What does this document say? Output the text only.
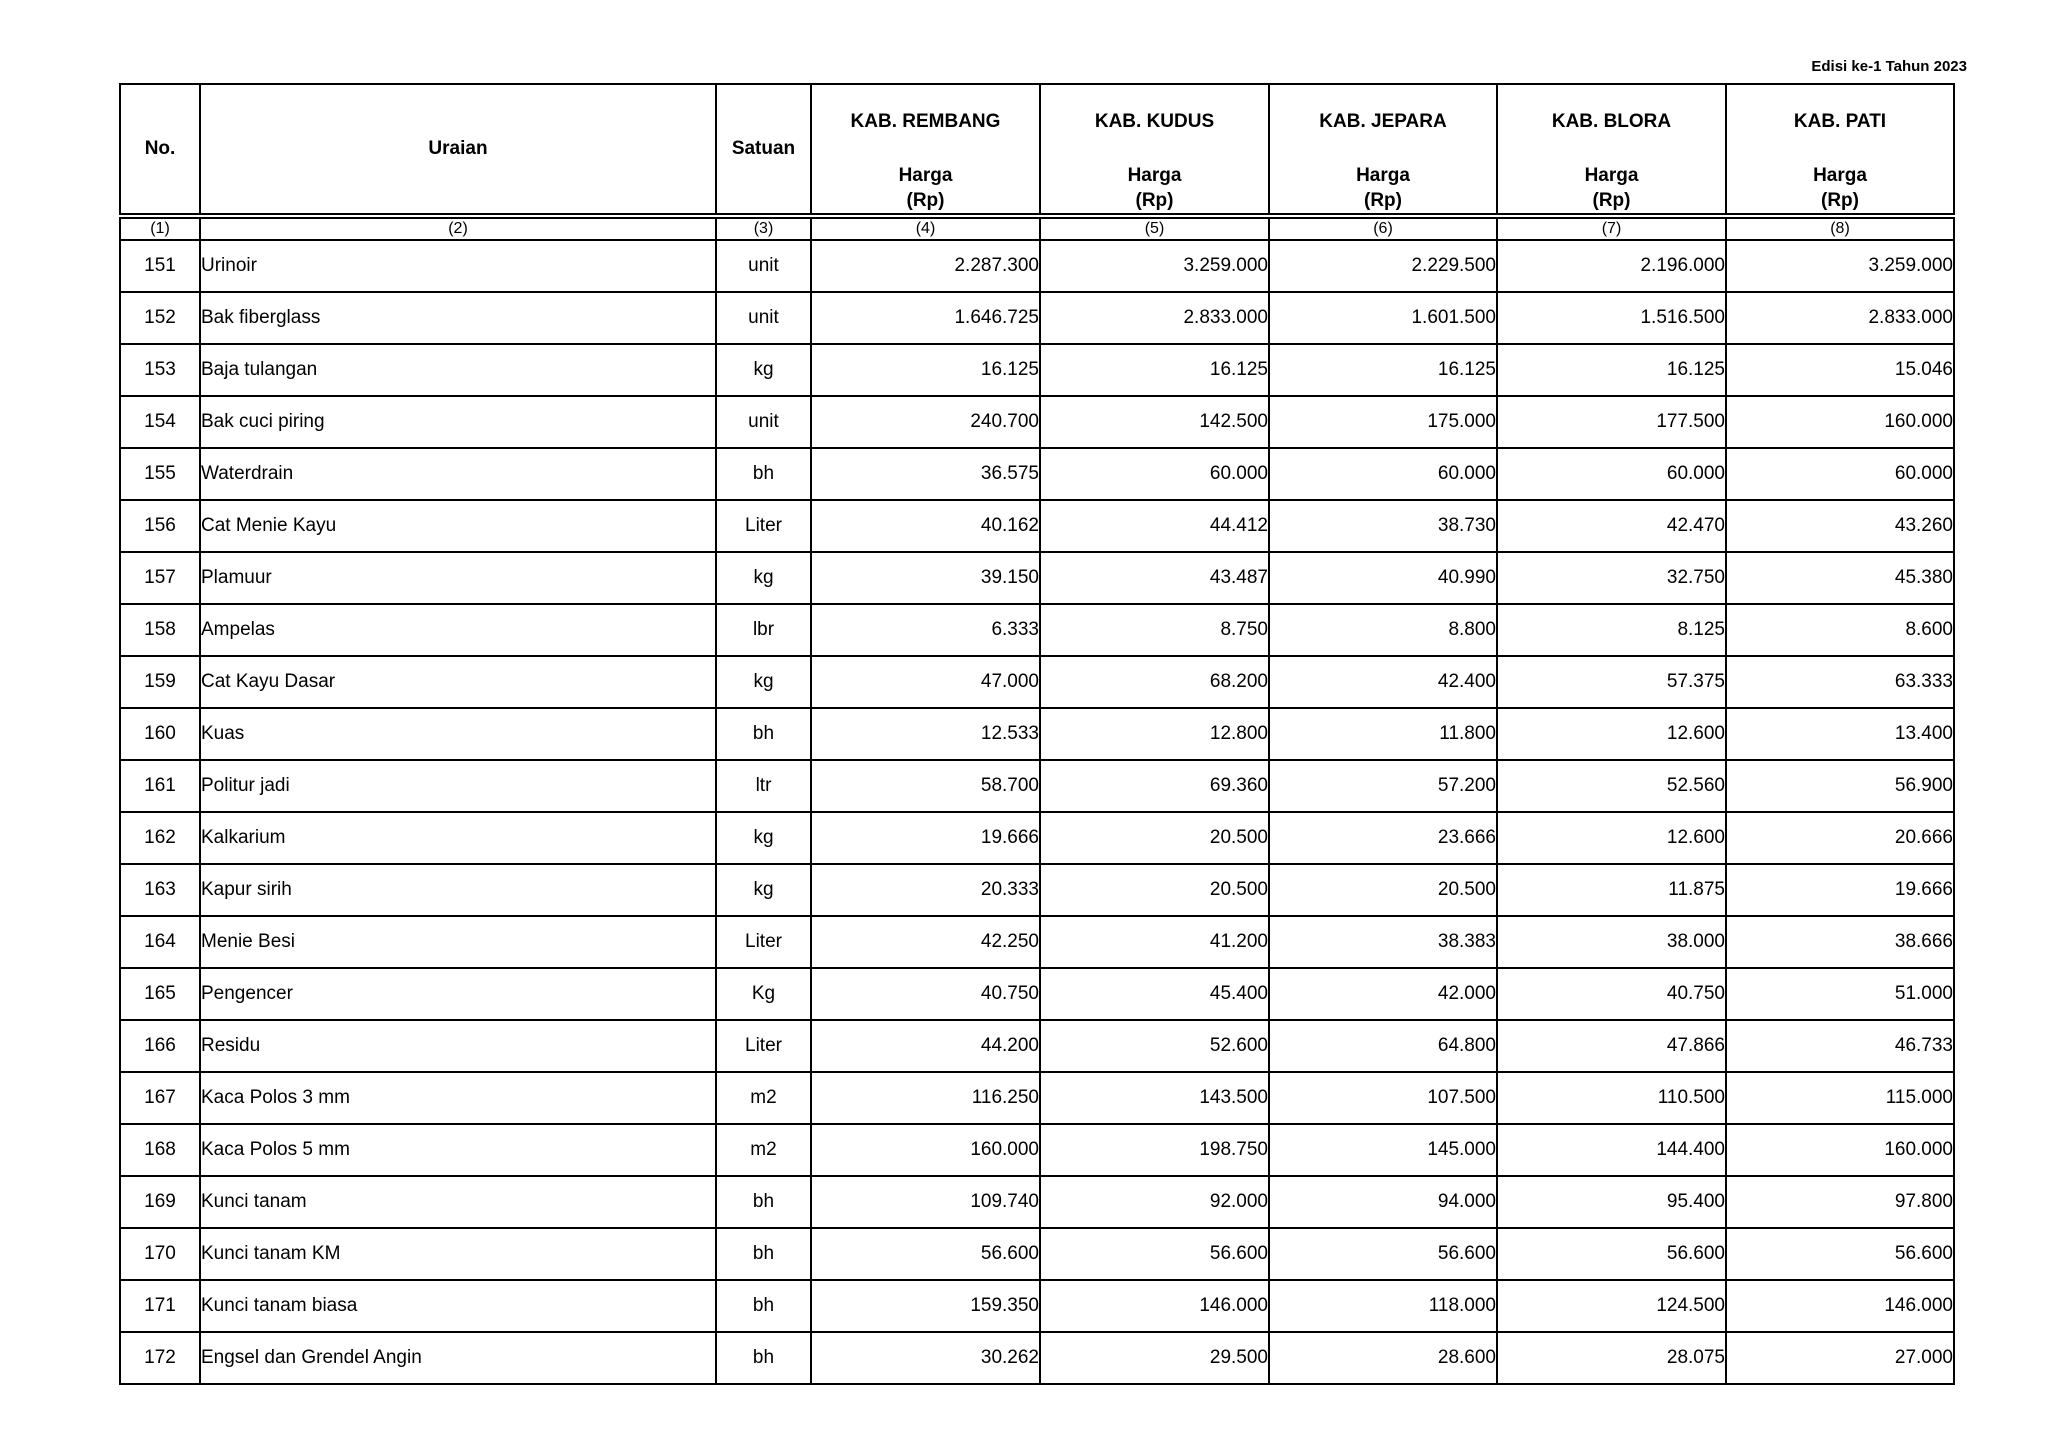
Edisi ke-1 Tahun 2023
No.	Uraian	Satuan	KAB. REMBANG
Harga
(Rp)	KAB. KUDUS
Harga
(Rp)	KAB. JEPARA
Harga
(Rp)	KAB. BLORA
Harga
(Rp)	KAB. PATI
Harga
(Rp)

(1)	(2)	(3)	(4)	(5)	(6)	(7)	(8)
151	Urinoir	unit	2.287.300	3.259.000	2.229.500	2.196.000	3.259.000
152	Bak fiberglass	unit	1.646.725	2.833.000	1.601.500	1.516.500	2.833.000
153	Baja tulangan	kg	16.125	16.125	16.125	16.125	15.046
154	Bak cuci piring	unit	240.700	142.500	175.000	177.500	160.000
155	Waterdrain	bh	36.575	60.000	60.000	60.000	60.000
156	Cat Menie Kayu	Liter	40.162	44.412	38.730	42.470	43.260
157	Plamuur	kg	39.150	43.487	40.990	32.750	45.380
158	Ampelas	lbr	6.333	8.750	8.800	8.125	8.600
159	Cat Kayu Dasar	kg	47.000	68.200	42.400	57.375	63.333
160	Kuas	bh	12.533	12.800	11.800	12.600	13.400
161	Politur jadi	ltr	58.700	69.360	57.200	52.560	56.900
162	Kalkarium	kg	19.666	20.500	23.666	12.600	20.666
163	Kapur sirih	kg	20.333	20.500	20.500	11.875	19.666
164	Menie Besi	Liter	42.250	41.200	38.383	38.000	38.666
165	Pengencer	Kg	40.750	45.400	42.000	40.750	51.000
166	Residu	Liter	44.200	52.600	64.800	47.866	46.733
167	Kaca Polos 3 mm	m2	116.250	143.500	107.500	110.500	115.000
168	Kaca Polos 5 mm	m2	160.000	198.750	145.000	144.400	160.000
169	Kunci tanam	bh	109.740	92.000	94.000	95.400	97.800
170	Kunci tanam KM	bh	56.600	56.600	56.600	56.600	56.600
171	Kunci tanam biasa	bh	159.350	146.000	118.000	124.500	146.000
172	Engsel dan Grendel Angin	bh	30.262	29.500	28.600	28.075	27.000
